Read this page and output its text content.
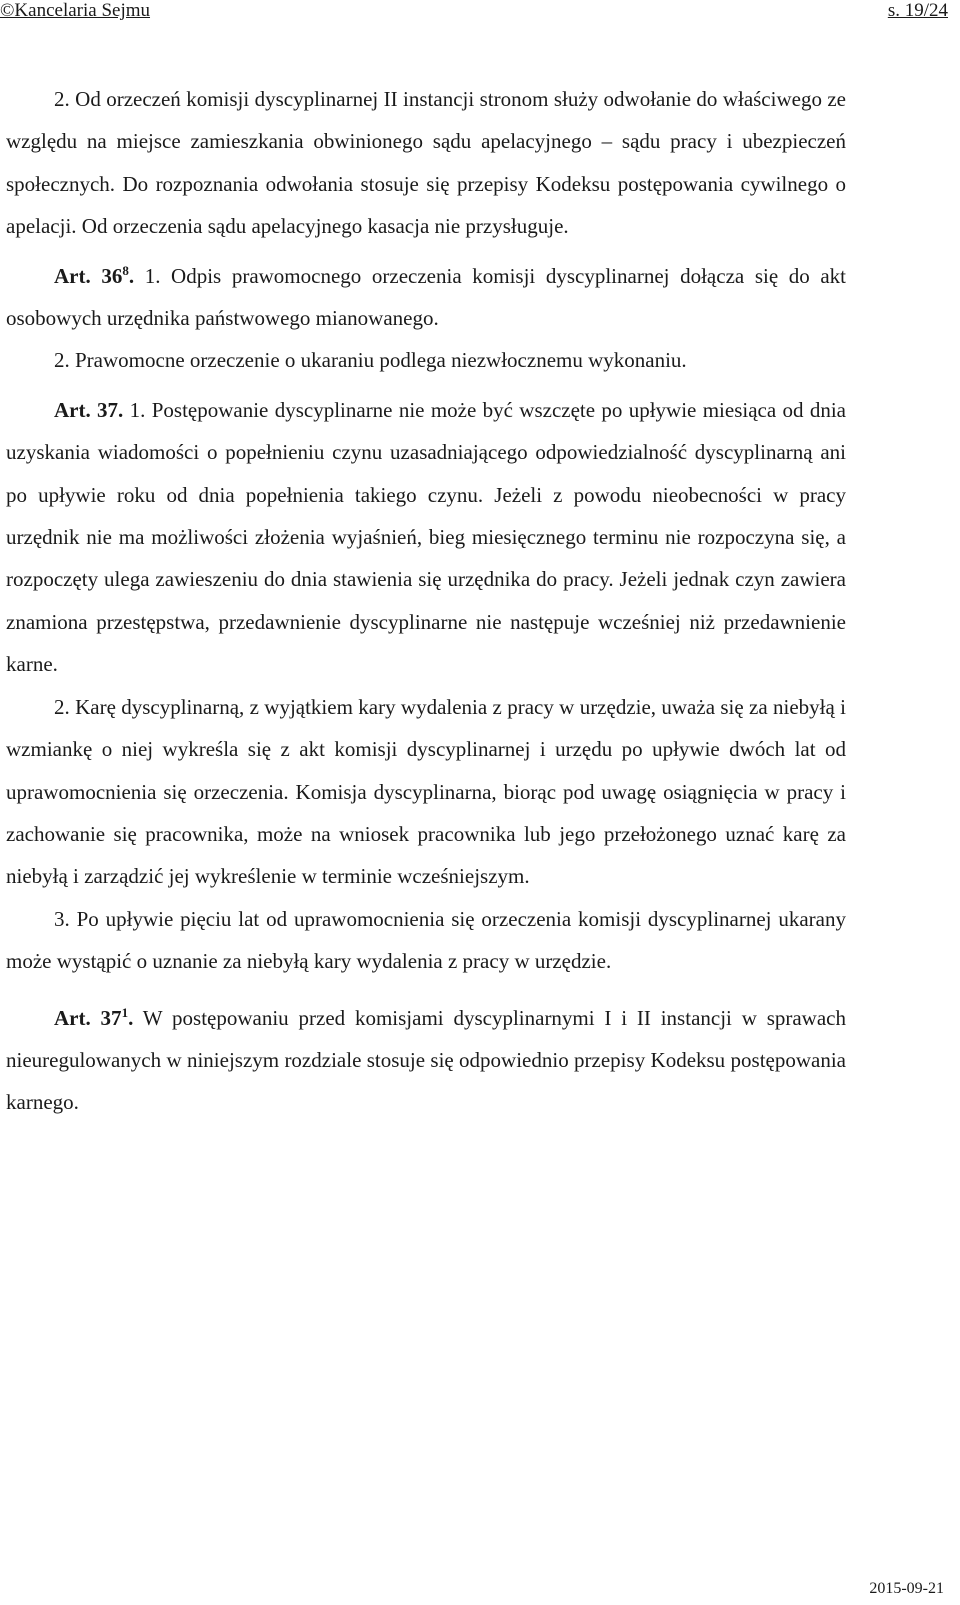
©Kancelaria Sejmu	s. 19/24

2. Od orzeczeń komisji dyscyplinarnej II instancji stronom służy odwołanie do właściwego ze względu na miejsce zamieszkania obwinionego sądu apelacyjnego – sądu pracy i ubezpieczeń społecznych. Do rozpoznania odwołania stosuje się przepisy Kodeksu postępowania cywilnego o apelacji. Od orzeczenia sądu apelacyjnego kasacja nie przysługuje.

Art. $36^8$. 1. Odpis prawomocnego orzeczenia komisji dyscyplinarnej dołącza się do akt osobowych urzędnika państwowego mianowanego.

2. Prawomocne orzeczenie o ukaraniu podlega niezwłocznemu wykonaniu.

Art. 37. 1. Postępowanie dyscyplinarne nie może być wszczęte po upływie miesiąca od dnia uzyskania wiadomości o popełnieniu czynu uzasadniającego odpowiedzialność dyscyplinarną ani po upływie roku od dnia popełnienia takiego czynu. Jeżeli z powodu nieobecności w pracy urzędnik nie ma możliwości złożenia wyjaśnień, bieg miesięcznego terminu nie rozpoczyna się, a rozpoczęty ulega zawieszeniu do dnia stawienia się urzędnika do pracy. Jeżeli jednak czyn zawiera znamiona przestępstwa, przedawnienie dyscyplinarne nie następuje wcześniej niż przedawnienie karne.

2. Karę dyscyplinarną, z wyjątkiem kary wydalenia z pracy w urzędzie, uważa się za niebyłą i wzmiankę o niej wykreśla się z akt komisji dyscyplinarnej i urzędu po upływie dwóch lat od uprawomocnienia się orzeczenia. Komisja dyscyplinarna, biorąc pod uwagę osiągnięcia w pracy i zachowanie się pracownika, może na wniosek pracownika lub jego przełożonego uznać karę za niebyłą i zarządzić jej wykreślenie w terminie wcześniejszym.

3. Po upływie pięciu lat od uprawomocnienia się orzeczenia komisji dyscyplinarnej ukarany może wystąpić o uznanie za niebyłą kary wydalenia z pracy w urzędzie.

Art. $37^1$. W postępowaniu przed komisjami dyscyplinarnymi I i II instancji w sprawach nieuregulowanych w niniejszym rozdziale stosuje się odpowiednio przepisy Kodeksu postępowania karnego.

2015-09-21
